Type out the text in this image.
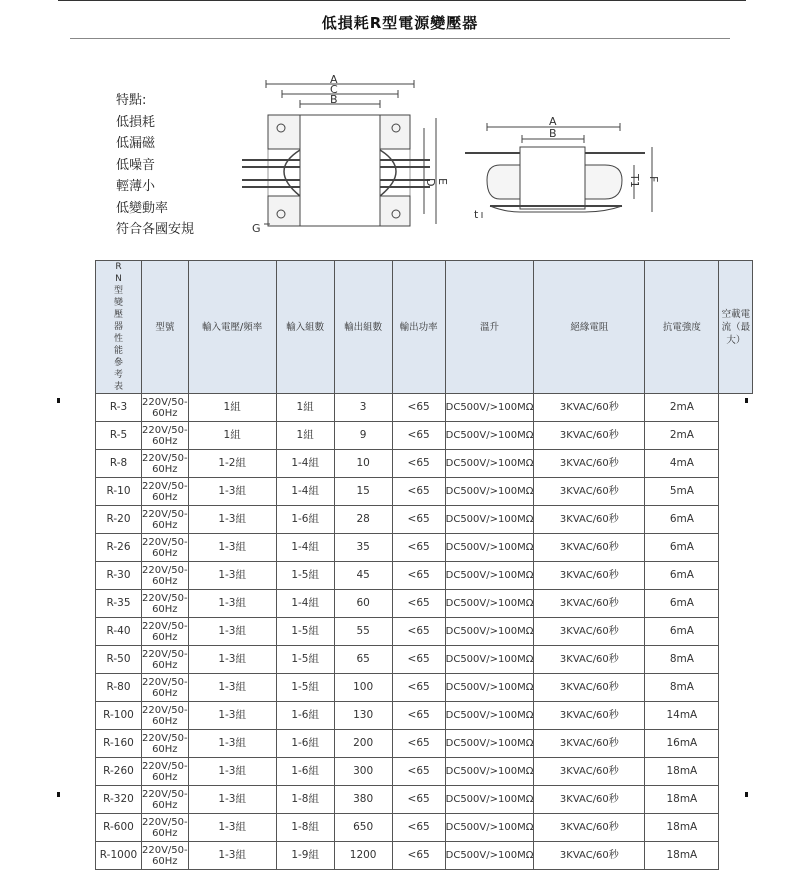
低損耗R型電源變壓器
特點:
低損耗
低漏磁
低噪音
輕薄小
低變動率
符合各國安規
A
C
B
D E
G
A
B
T1 F
t
RN型變壓器性能參考表	型號	輸入電壓/頻率	輸入組數	輸出組數	輸出功率	溫升	絕緣電阻	抗電強度	空載電流（最大）
R-3	220V/50-60Hz	1組	1組	3	<65	DC500V/>100MΩ	3KVAC/60秒	2mA	
R-5	220V/50-60Hz	1組	1組	9	<65	DC500V/>100MΩ	3KVAC/60秒	2mA	
R-8	220V/50-60Hz	1-2組	1-4組	10	<65	DC500V/>100MΩ	3KVAC/60秒	4mA	
R-10	220V/50-60Hz	1-3組	1-4組	15	<65	DC500V/>100MΩ	3KVAC/60秒	5mA	
R-20	220V/50-60Hz	1-3組	1-6組	28	<65	DC500V/>100MΩ	3KVAC/60秒	6mA	
R-26	220V/50-60Hz	1-3組	1-4組	35	<65	DC500V/>100MΩ	3KVAC/60秒	6mA	
R-30	220V/50-60Hz	1-3組	1-5組	45	<65	DC500V/>100MΩ	3KVAC/60秒	6mA	
R-35	220V/50-60Hz	1-3組	1-4組	60	<65	DC500V/>100MΩ	3KVAC/60秒	6mA	
R-40	220V/50-60Hz	1-3組	1-5組	55	<65	DC500V/>100MΩ	3KVAC/60秒	6mA	
R-50	220V/50-60Hz	1-3組	1-5組	65	<65	DC500V/>100MΩ	3KVAC/60秒	8mA	
R-80	220V/50-60Hz	1-3組	1-5組	100	<65	DC500V/>100MΩ	3KVAC/60秒	8mA	
R-100	220V/50-60Hz	1-3組	1-6組	130	<65	DC500V/>100MΩ	3KVAC/60秒	14mA	
R-160	220V/50-60Hz	1-3組	1-6組	200	<65	DC500V/>100MΩ	3KVAC/60秒	16mA	
R-260	220V/50-60Hz	1-3組	1-6組	300	<65	DC500V/>100MΩ	3KVAC/60秒	18mA	
R-320	220V/50-60Hz	1-3組	1-8組	380	<65	DC500V/>100MΩ	3KVAC/60秒	18mA	
R-600	220V/50-60Hz	1-3組	1-8組	650	<65	DC500V/>100MΩ	3KVAC/60秒	18mA	
R-1000	220V/50-60Hz	1-3組	1-9組	1200	<65	DC500V/>100MΩ	3KVAC/60秒	18mA	
